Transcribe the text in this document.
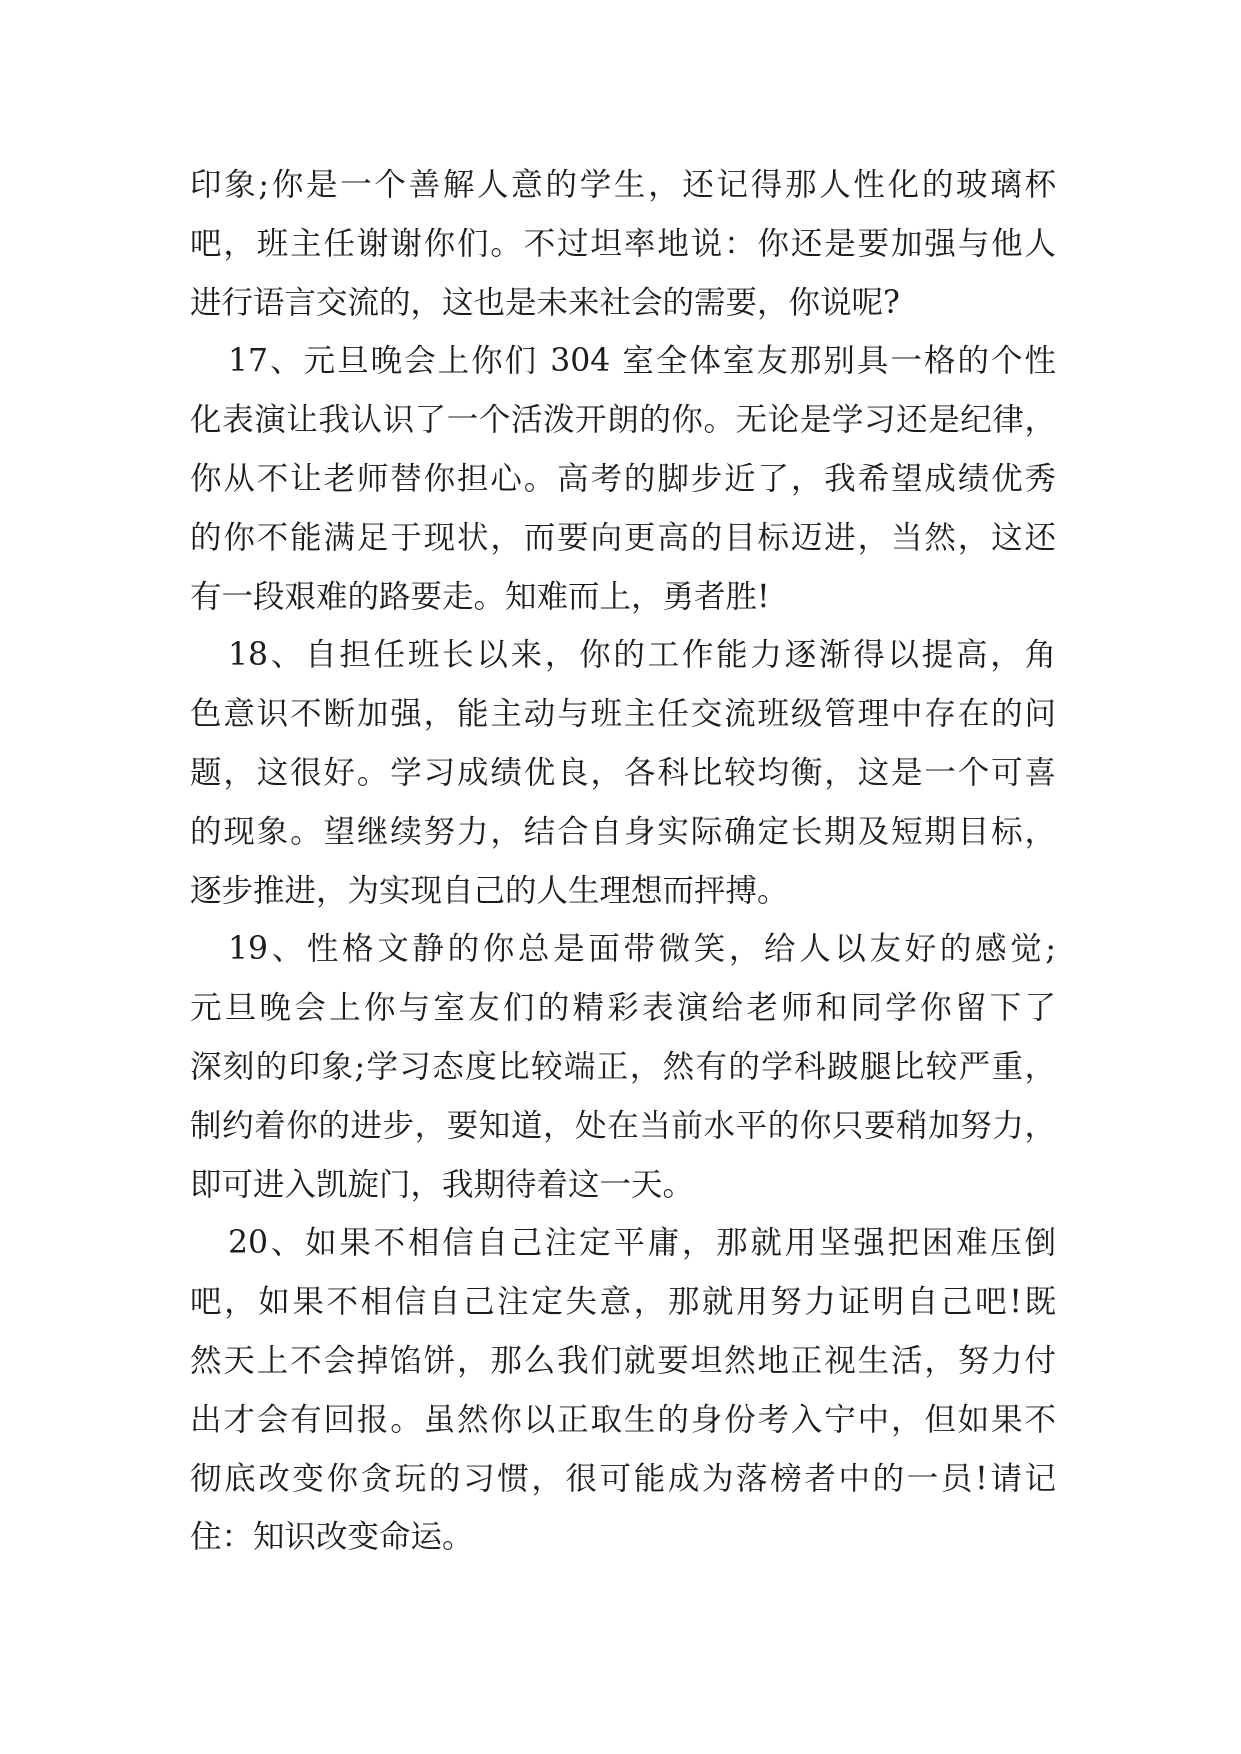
印象;你是一个善解人意的学生，还记得那人性化的玻璃杯
吧，班主任谢谢你们。不过坦率地说：你还是要加强与他人
进行语言交流的，这也是未来社会的需要，你说呢?
17、元旦晚会上你们 304 室全体室友那别具一格的个性
化表演让我认识了一个活泼开朗的你。无论是学习还是纪律，
你从不让老师替你担心。高考的脚步近了，我希望成绩优秀
的你不能满足于现状，而要向更高的目标迈进，当然，这还
有一段艰难的路要走。知难而上，勇者胜!
18、自担任班长以来，你的工作能力逐渐得以提高，角
色意识不断加强，能主动与班主任交流班级管理中存在的问
题，这很好。学习成绩优良，各科比较均衡，这是一个可喜
的现象。望继续努力，结合自身实际确定长期及短期目标，
逐步推进，为实现自己的人生理想而抨搏。
19、性格文静的你总是面带微笑，给人以友好的感觉;
元旦晚会上你与室友们的精彩表演给老师和同学你留下了
深刻的印象;学习态度比较端正，然有的学科跛腿比较严重，
制约着你的进步，要知道，处在当前水平的你只要稍加努力，
即可进入凯旋门，我期待着这一天。
20、如果不相信自己注定平庸，那就用坚强把困难压倒
吧，如果不相信自己注定失意，那就用努力证明自己吧!既
然天上不会掉馅饼，那么我们就要坦然地正视生活，努力付
出才会有回报。虽然你以正取生的身份考入宁中，但如果不
彻底改变你贪玩的习惯，很可能成为落榜者中的一员!请记
住：知识改变命运。
